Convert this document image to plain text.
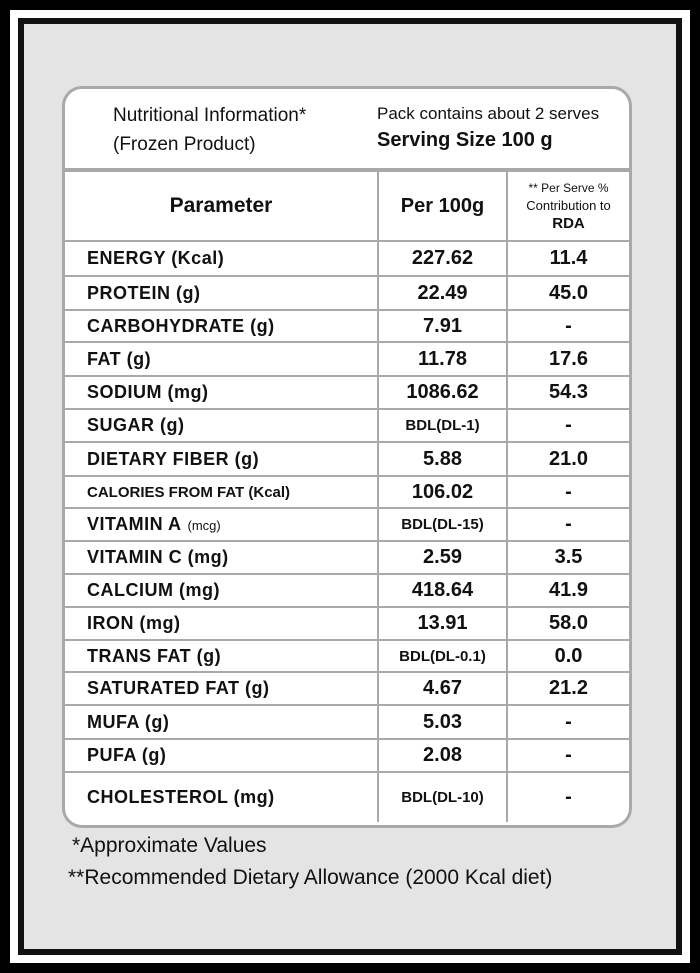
Nutritional Information*
(Frozen Product)
Pack contains about 2 serves
Serving Size 100 g
Parameter	Per 100g	** Per Serve %
Contribution to
RDA

ENERGY (Kcal)	227.62	11.4
PROTEIN (g)	22.49	45.0
CARBOHYDRATE (g)	7.91	-
FAT (g)	11.78	17.6
SODIUM (mg)	1086.62	54.3
SUGAR (g)	BDL(DL-1)	-
DIETARY FIBER (g)	5.88	21.0
CALORIES FROM FAT (Kcal)	106.02	-
VITAMIN A (mcg)	BDL(DL-15)	-
VITAMIN C (mg)	2.59	3.5
CALCIUM (mg)	418.64	41.9
IRON (mg)	13.91	58.0
TRANS FAT (g)	BDL(DL-0.1)	0.0
SATURATED FAT (g)	4.67	21.2
MUFA (g)	5.03	-
PUFA (g)	2.08	-
CHOLESTEROL (mg)	BDL(DL-10)	-
*Approximate Values
**Recommended Dietary Allowance (2000 Kcal diet)
